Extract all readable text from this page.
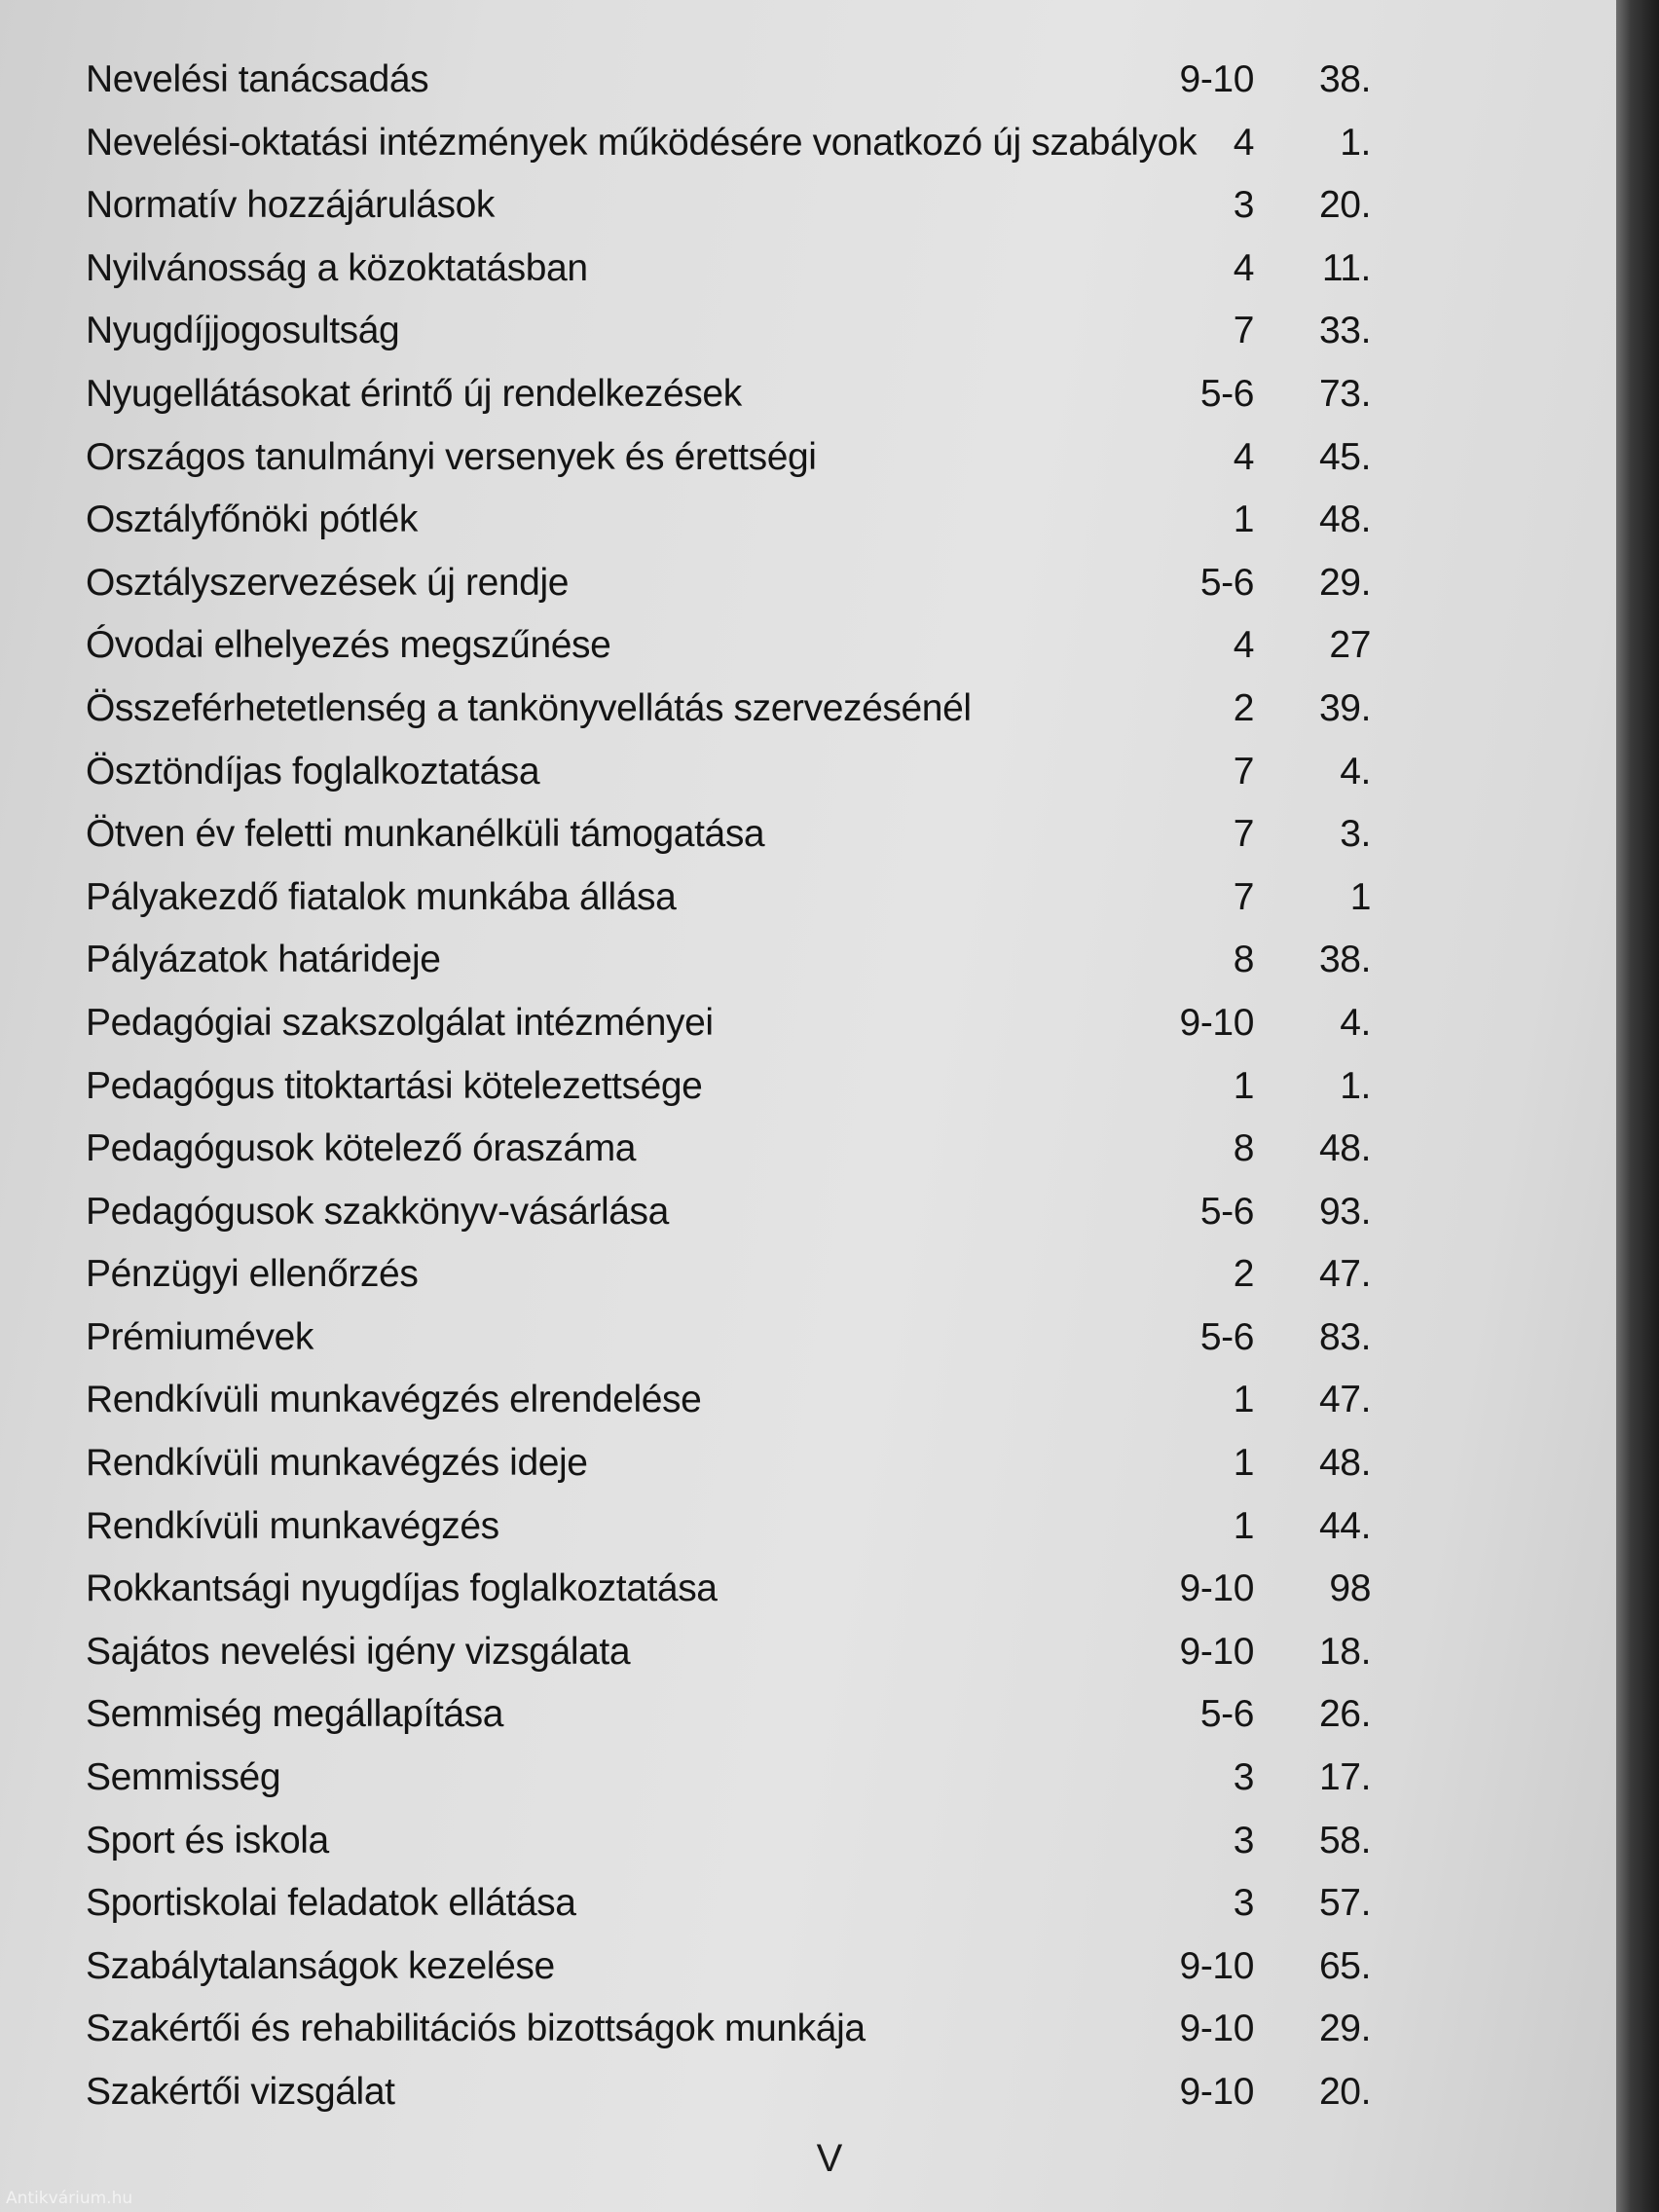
Nevelési tanácsadás	9-10 38.
Nevelési-oktatási intézmények működésére vonatkozó új szabályok 4 1.
Normatív hozzájárulások	3 20.
Nyilvánosság a közoktatásban	4 11.
Nyugdíjjogosultság	7 33.
Nyugellátásokat érintő új rendelkezések	5-6 73.
Országos tanulmányi versenyek és érettségi	4 45.
Osztályfőnöki pótlék	1 48.
Osztályszervezések új rendje	5-6 29.
Óvodai elhelyezés megszűnése	4 27
Összeférhetetlenség a tankönyvellátás szervezésénél	2 39.
Ösztöndíjas foglalkoztatása	7 4.
Ötven év feletti munkanélküli támogatása	7 3.
Pályakezdő fiatalok munkába állása	7	1
Pályázatok határideje	8 38.
Pedagógiai szakszolgálat intézményei	9-10 4.
Pedagógus titoktartási kötelezettsége	1 1.
Pedagógusok kötelező óraszáma	8 48.
Pedagógusok szakkönyv-vásárlása	5-6 93.
Pénzügyi ellenőrzés	2 47.
Prémiumévek	5-6 83.
Rendkívüli munkavégzés elrendelése	1 47.
Rendkívüli munkavégzés ideje	1 48.
Rendkívüli munkavégzés	1 44.
Rokkantsági nyugdíjas foglalkoztatása	9-10 98
Sajátos nevelési igény vizsgálata	9-10 18.
Semmiség megállapítása	5-6 26.
Semmisség	3 17.
Sport és iskola	3 58.
Sportiskolai feladatok ellátása	3 57.
Szabálytalanságok kezelése	9-10 65.
Szakértői és rehabilitációs bizottságok munkája	9-10 29.
Szakértői vizsgálat	9-10 20.
V
Antikvárium.hu
